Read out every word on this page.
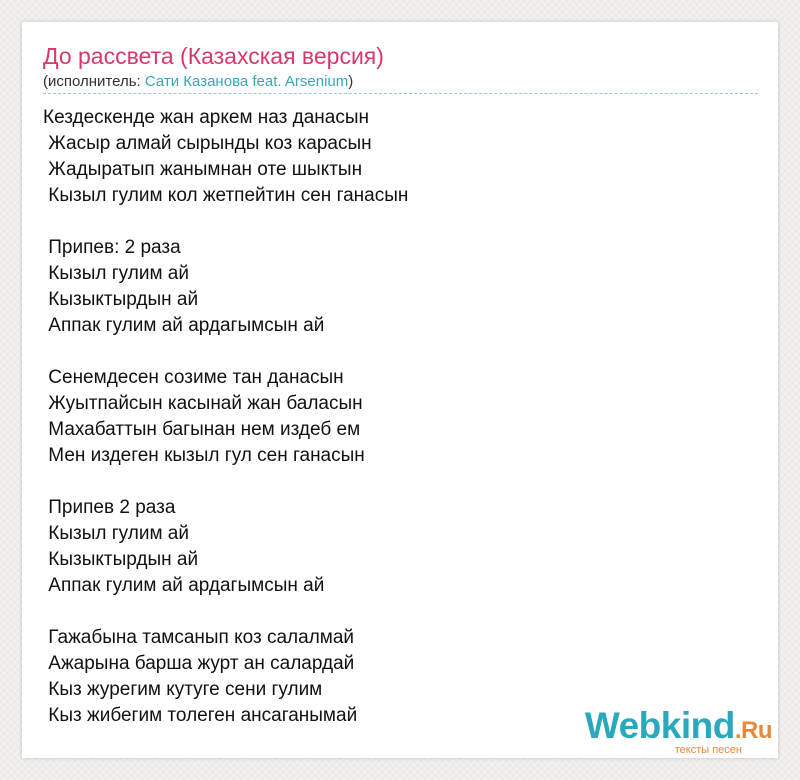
До рассвета (Казахская версия)
(исполнитель: Сати Казанова feat. Arsenium)
Кездескенде жан аркем наз данасын
Жасыр алмай сырынды коз карасын
Жадыратып жанымнан оте шыктын
Кызыл гулим кол жетпейтин сен ганасын
Припев: 2 раза
Кызыл гулим ай
Кызыктырдын ай
Аппак гулим ай ардагымсын ай
Сенемдесен созиме тан данасын
Жуытпайсын касынай жан баласын
Махабаттын багынан нем издеб ем
Мен издеген кызыл гул сен ганасын
Припев 2 раза
Кызыл гулим ай
Кызыктырдын ай
Аппак гулим ай ардагымсын ай
Гажабына тамсанып коз салалмай
Ажарына барша журт ан салардай
Кыз журегим кутуге сени гулим
Кыз жибегим толеген ансаганымай	Webkind.Ru
тексты песен
